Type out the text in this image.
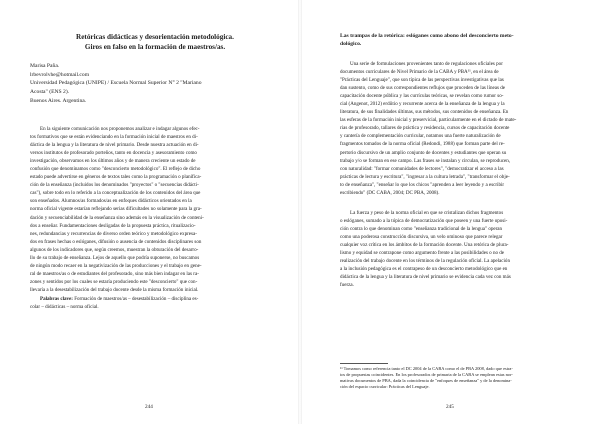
Retóricas didácticas y desorientación metodológica.
Giros en falso en la formación de maestros/as.
Marisa Paña.
lrbevrolvhe@hotmail.com
Universidad Pedagógica (UNIPE) / Escuela Normal Superior N° 2 "Mariano
Acosta" (ENS 2).
Buenos Aires. Argentina.
En la siguiente comunicación nos proponemos analizar e indagar algunos efec-
tos formativos que se están evidenciando en la formación inicial de maestros en di-
dáctica de la lengua y la literatura de nivel primario. Desde nuestra actuación en di-
versos institutos de profesorado porteños, tanto en docencia y asesoramiento como
investigación, observamos en los últimos años y de manera creciente un estado de
confusión que denominamos como "desconcierto metodológico". El reflejo de dicho
estado puede advertirse en géneros de textos tales como la programación o planifica-
ción de la enseñanza (incluidos los denominados "proyectos" o "secuencias didácti-
cas"), sobre todo en lo referido a la conceptualización de los contenidos del área que
son enseñados. Alumnos/as formados/as en enfoques didácticos orientados en la
norma oficial vigente estarían reflejando serias dificultades no solamente para la gra-
dación y secuenciabilidad de la enseñanza sino además en la visualización de conteni-
dos a enseñar. Fundamentaciones desligadas de la propuesta práctica, ritualizacio-
nes, redundancias y recurrencias de diverso orden teórico y metodológico expresa-
dos en frases hechas o eslóganes, difusión o ausencia de contenidos disciplinares son
algunos de los indicadores que, según creemos, muestran la obturación del desarro-
llo de su trabajo de enseñanza. Lejos de aquello que podría suponerse, no buscamos
de ningún modo recaer en la negativización de las producciones y el trabajo en gene-
ral de maestros/as o de estudiantes del profesorado, sino más bien indagar en las ra-
zones y sentidos por los cuales se estaría produciendo este "desconcierto" que con-
llevaría a la desestabilización del trabajo docente desde la misma formación inicial.
Palabras clave: Formación de maestros/as – desestabilización – disciplina es-
colar – didácticas – norma oficial.
244
Las trampas de la retórica: eslóganes como abono del desconcierto meto-
dológico.
Una serie de formulaciones provenientes tanto de regulaciones oficiales por
documentos curriculares de Nivel Primario de la CABA y PBA¹¹, en el área de
"Prácticas del Lenguaje", que son típica de las perspectivas investigativas que las
dan sustento, como de sus correspondientes reflujos que proceden de las líneas de
capacitación docente pública y las currículas teóricas, se revelan como rumor so-
cial (Angenot, 2012) erdiitio y recurrente acerca de la enseñanza de la lengua y la
literatura, de sus finalidades últimas, sus métodos, sus contenidos de enseñanza. En
las esferas de la formación inicial y preservicial, particularmente en el dictado de mate-
rias de profesorado, tallares de práctica y residencia, cursos de capacitación docente
y cantería de complementación curricular, notamos una fuerte naturalización de
fragmentos tomados de la norma oficial (Redondi, 1988) que forman parte del re-
pertorio discursivo de un amplio conjunto de docentes y estudiantes que operan su
trabajo y/o se forman en ese campo. Las frases se instalan y circulan, se reproducen,
con naturalidad: "formar comunidades de lectores", "democratizar el acceso a las
prácticas de lectura y escritura", "ingresar a la cultura letrada", "transformar el obje-
to de enseñanza", "enseñar lo que los chicos "aprenden a leer leyendo y a escribir
escribiendo" (DC CABA, 2004; DC PBA, 2008).
La fuerza y peso de la norma oficial en que se cristalizan dichos fragmentos
o eslóganes, sumado a la tópica de democratización que poseen y una fuerte oposi-
ción contra lo que denominan como "enseñanza tradicional de la lengua" operan
como una poderosa construcción discursiva, un velo ominoso que parece relegar
cualquier voz crítica en los ámbitos de la formación docente. Una retórica de plura-
lismo y equidad se contrapone como argumento frente a las posibilidades o no de
realización del trabajo docente en los términos de la regulación oficial. La apelación
a la inclusión pedagógica es el contrapeso de un desconcierto metodológico que en
didáctica de la lengua y la literatura de nivel primario se evidencia cada vez con más
fuerza.
¹¹ Tomamos como referencia tanto el DC 2004 de la CABA como el de PBA 2008, dado que estra-
tos de propuestas coincidentes. En los profesorados de primaria de la CABA se emplean estas nor-
mativas documentos de PBA, dada la coincidencia de "enfoques de enseñanza" y de la denomina-
ción del espacio curricular: Prácticas del Lenguaje.
245
